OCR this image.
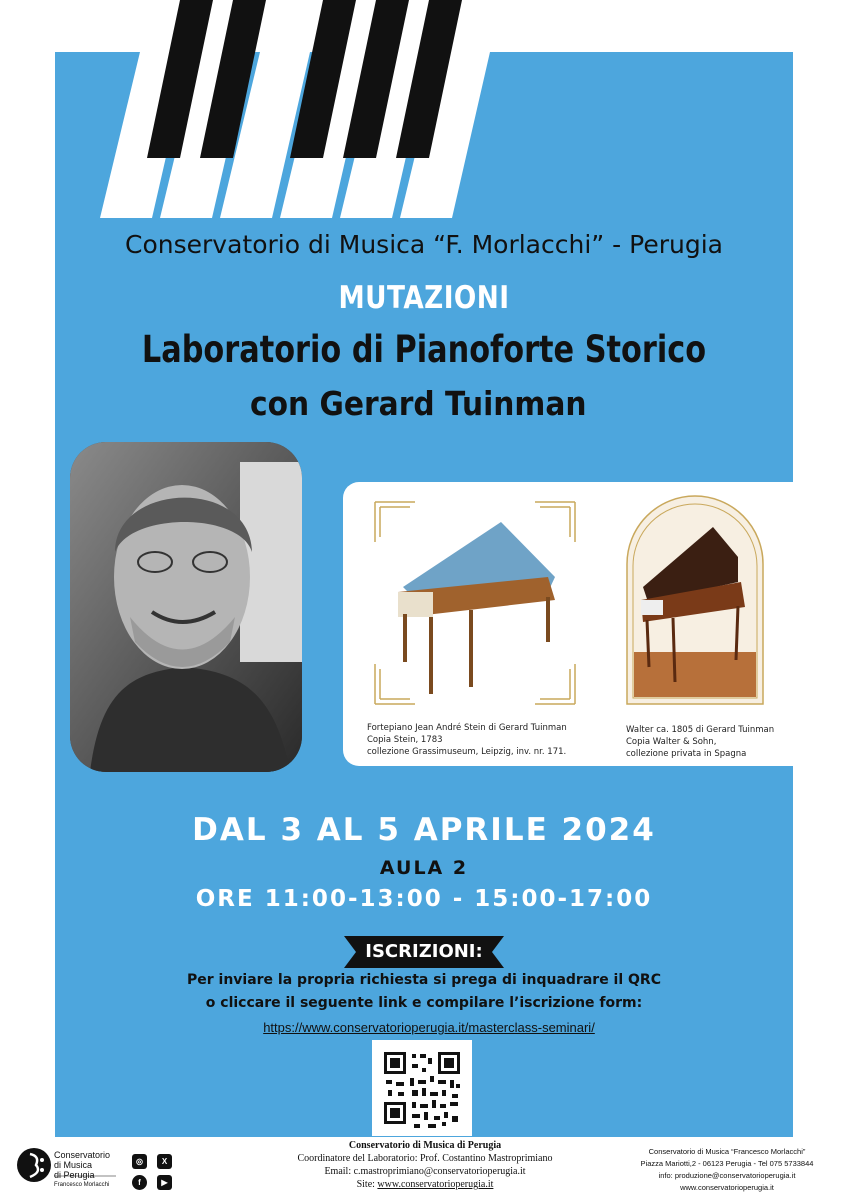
Conservatorio di Musica “F. Morlacchi” - Perugia
MUTAZIONI
Laboratorio di Pianoforte Storico
con Gerard Tuinman
Fortepiano Jean André Stein di Gerard Tuinman
Copia Stein, 1783
collezione Grassimuseum, Leipzig, inv. nr. 171.
Walter ca. 1805 di Gerard Tuinman
Copia Walter & Sohn,
collezione privata in Spagna
DAL 3 AL 5 APRILE 2024
AULA 2
ORE 11:00-13:00 - 15:00-17:00
ISCRIZIONI:
Per inviare la propria richiesta si prega di inquadrare il QRC
o cliccare il seguente link e compilare l’iscrizione form:
https://www.conservatorioperugia.it/masterclass-seminari/
Conservatorio
di Musica
di Perugia
Francesco Morlacchi
◎	X
f	▶
Conservatorio di Musica di Perugia
Coordinatore del Laboratorio: Prof. Costantino Mastroprimiano
Email: c.mastroprimiano@conservatorioperugia.it
Site: www.conservatorioperugia.it
Conservatorio di Musica “Francesco Morlacchi”
Piazza Mariotti,2 - 06123 Perugia - Tel 075 5733844
info: produzione@conservatorioperugia.it
www.conservatorioperugia.it
